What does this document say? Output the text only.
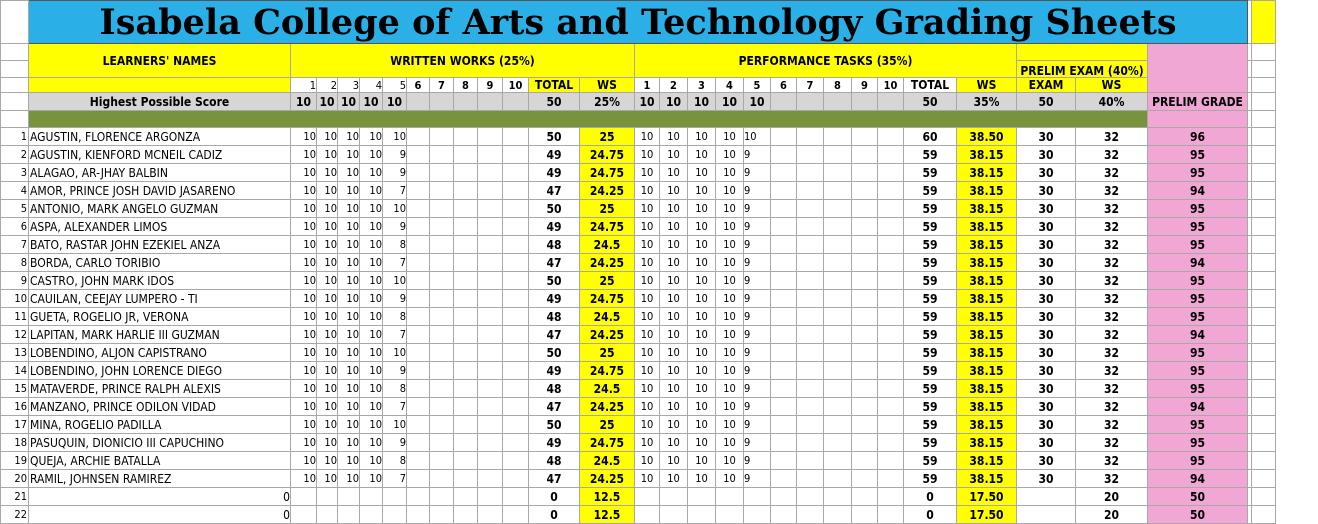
	Isabela College of Arts and Technology Grading Sheets																													
	LEARNERS' NAMES	WRITTEN WORKS (25%)												PERFORMANCE TASKS (35%)																
																										PRELIM EXAM (40%)				
		1	2	3	4	5	6	7	8	9	10	TOTAL	WS	1	2	3	4	5	6	7	8	9	10	TOTAL	WS	EXAM	WS			
	Highest Possible Score	10	10	10	10	10						50	25%	10	10	10	10	10						50	35%	50	40%	PRELIM GRADE		

1	AGUSTIN, FLORENCE ARGONZA	10	10	10	10	10						50	25	10	10	10	10	10						60	38.50	30	32	96		
2	AGUSTIN, KIENFORD MCNEIL CADIZ	10	10	10	10	9						49	24.75	10	10	10	10	9						59	38.15	30	32	95		
3	ALAGAO, AR-JHAY BALBIN	10	10	10	10	9						49	24.75	10	10	10	10	9						59	38.15	30	32	95		
4	AMOR, PRINCE JOSH DAVID JASARENO	10	10	10	10	7						47	24.25	10	10	10	10	9						59	38.15	30	32	94		
5	ANTONIO, MARK ANGELO GUZMAN	10	10	10	10	10						50	25	10	10	10	10	9						59	38.15	30	32	95		
6	ASPA, ALEXANDER LIMOS	10	10	10	10	9						49	24.75	10	10	10	10	9						59	38.15	30	32	95		
7	BATO, RASTAR JOHN EZEKIEL ANZA	10	10	10	10	8						48	24.5	10	10	10	10	9						59	38.15	30	32	95		
8	BORDA, CARLO TORIBIO	10	10	10	10	7						47	24.25	10	10	10	10	9						59	38.15	30	32	94		
9	CASTRO, JOHN MARK IDOS	10	10	10	10	10						50	25	10	10	10	10	9						59	38.15	30	32	95		
10	CAUILAN, CEEJAY LUMPERO - TI	10	10	10	10	9						49	24.75	10	10	10	10	9						59	38.15	30	32	95		
11	GUETA, ROGELIO JR, VERONA	10	10	10	10	8						48	24.5	10	10	10	10	9						59	38.15	30	32	95		
12	LAPITAN, MARK HARLIE III GUZMAN	10	10	10	10	7						47	24.25	10	10	10	10	9						59	38.15	30	32	94		
13	LOBENDINO, ALJON CAPISTRANO	10	10	10	10	10						50	25	10	10	10	10	9						59	38.15	30	32	95		
14	LOBENDINO, JOHN LORENCE DIEGO	10	10	10	10	9						49	24.75	10	10	10	10	9						59	38.15	30	32	95		
15	MATAVERDE, PRINCE RALPH ALEXIS	10	10	10	10	8						48	24.5	10	10	10	10	9						59	38.15	30	32	95		
16	MANZANO, PRINCE ODILON VIDAD	10	10	10	10	7						47	24.25	10	10	10	10	9						59	38.15	30	32	94		
17	MINA, ROGELIO PADILLA	10	10	10	10	10						50	25	10	10	10	10	9						59	38.15	30	32	95		
18	PASUQUIN, DIONICIO III CAPUCHINO	10	10	10	10	9						49	24.75	10	10	10	10	9						59	38.15	30	32	95		
19	QUEJA, ARCHIE BATALLA	10	10	10	10	8						48	24.5	10	10	10	10	9						59	38.15	30	32	95		
20	RAMIL, JOHNSEN RAMIREZ	10	10	10	10	7						47	24.25	10	10	10	10	9						59	38.15	30	32	94		
21	0											0	12.5											0	17.50		20	50		
22	0											0	12.5											0	17.50		20	50		
